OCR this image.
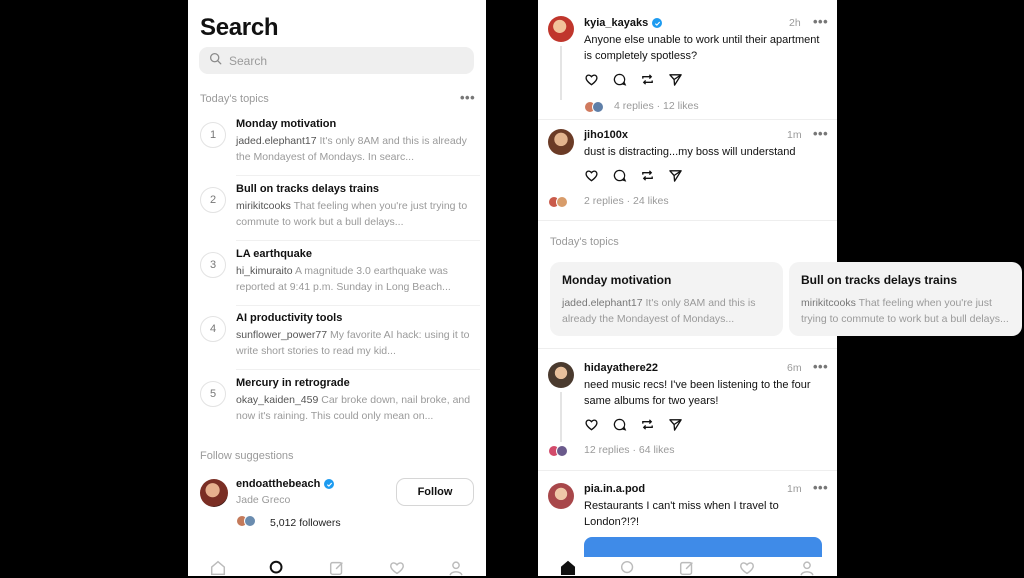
Search
Search
Today's topics	•••
1
Monday motivation
jaded.elephant17 It's only 8AM and this is already the Mondayest of Mondays. In searc...
2
Bull on tracks delays trains
mirikitcooks That feeling when you're just trying to commute to work but a bull delays...
3
LA earthquake
hi_kimuraito A magnitude 3.0 earthquake was reported at 9:41 p.m. Sunday in Long Beach...
4
AI productivity tools
sunflower_power77 My favorite AI hack: using it to write short stories to read my kid...
5
Mercury in retrograde
okay_kaiden_459 Car broke down, nail broke, and now it's raining. This could only mean on...
Follow suggestions
endoatthebeach
Jade Greco
Follow
5,012 followers
kyia_kayaks	2h •••
Anyone else unable to work until their apartment is completely spotless?
4 replies · 12 likes
jiho100x	1m •••
dust is distracting...my boss will understand
2 replies · 24 likes
Today's topics
Monday motivation
jaded.elephant17 It's only 8AM and this is already the Mondayest of Mondays...
Bull on tracks delays trains
mirikitcooks That feeling when you're just trying to commute to work but a bull delays...
hidayathere22	6m •••
need music recs! I've been listening to the four same albums for two years!
12 replies · 64 likes
pia.in.a.pod	1m •••
Restaurants I can't miss when I travel to London?!?!
